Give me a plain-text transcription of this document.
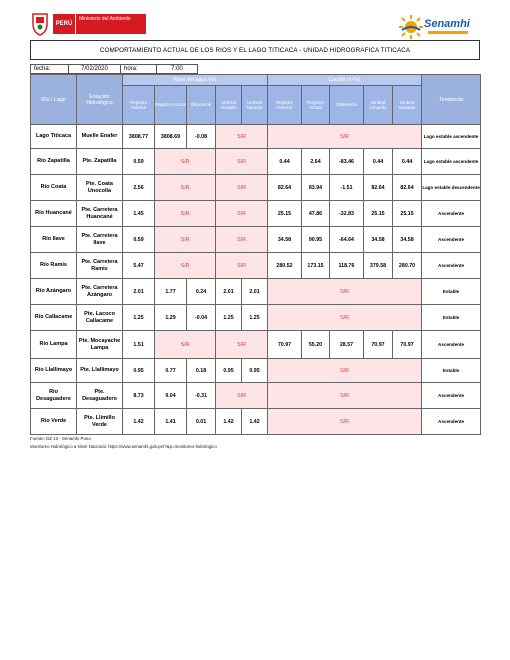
PERÚ
Ministerio del Ambiente	Senamhi
COMPORTAMIENTO ACTUAL DE LOS RIOS Y EL LAGO TITICACA - UNIDAD HIDROGRAFICA TITICACA
fecha:	7/02/2020	hora:	7:00
Río / Lago	Estación Hidrológica	Nivel del agua (m)					Caudal (m³/s)					Tendencia
		Registro Anterior	Registro Actual	Diferencia	Umbral Amarillo	Umbral Naranja	Registro Anterior	Registro Actual	Diferencia	Umbral Amarillo	Umbral Naranja	
Lago Titicaca	Muelle Enafer	3808.77	3808.69	-0.08	S/R		S/R					Lago estable ascendente
Río Zapatilla	Pte. Zapatilla	0.59	S/R		S/R		0.44	2.64	-83.46	0.44	0.44	Lago estable ascendente
Río Coata	Pte. Coata Unocolla	2.56	S/R		S/R		82.64	83.94	-1.51	82.64	82.64	Lago estable descendente
Río Huancané	Pte. Carretera Huancané	1.45	S/R		S/R		25.15	47.86	-32.83	25.15	25.15	Ascendente
Río Ilave	Pte. Carretera Ilave	0.59	S/R		S/R		34.58	90.95	-64.64	34.58	34.58	Ascendente
Río Ramis	Pte. Carretera Ramis	5.47	S/R		S/R		280.52	173.15	118.76	379.58	280.70	Ascendente
Río Azángaro	Pte. Carretera Azángaro	2.01	1.77	0.24	2.01	2.01	S/R					Estable
Río Callacame	Pte. Lacoco Callacame	1.25	1.29	-0.04	1.25	1.25	S/R					Estable
Río Lampa	Pte. Mocayache Lampa	1.51	S/R		S/R		70.97	55.20	28.57	70.97	70.97	Ascendente
Río Llallimayo	Pte. Llallimayo	0.95	0.77	0.18	0.95	0.95	S/R					Estable
Río Desaguadero	Pte. Desaguadero	8.73	9.04	-0.31	S/R		S/R					Ascendente
Río Verde	Pte. Llimillo Verde	1.42	1.41	0.01	1.42	1.42	S/R					Ascendente
Fuente: DZ 13 - Senamhi Puno
Monitoreo Hidrológico a Nivel Nacional: https://www.senamhi.gob.pe/?&p=monitoreo-hidrologico
